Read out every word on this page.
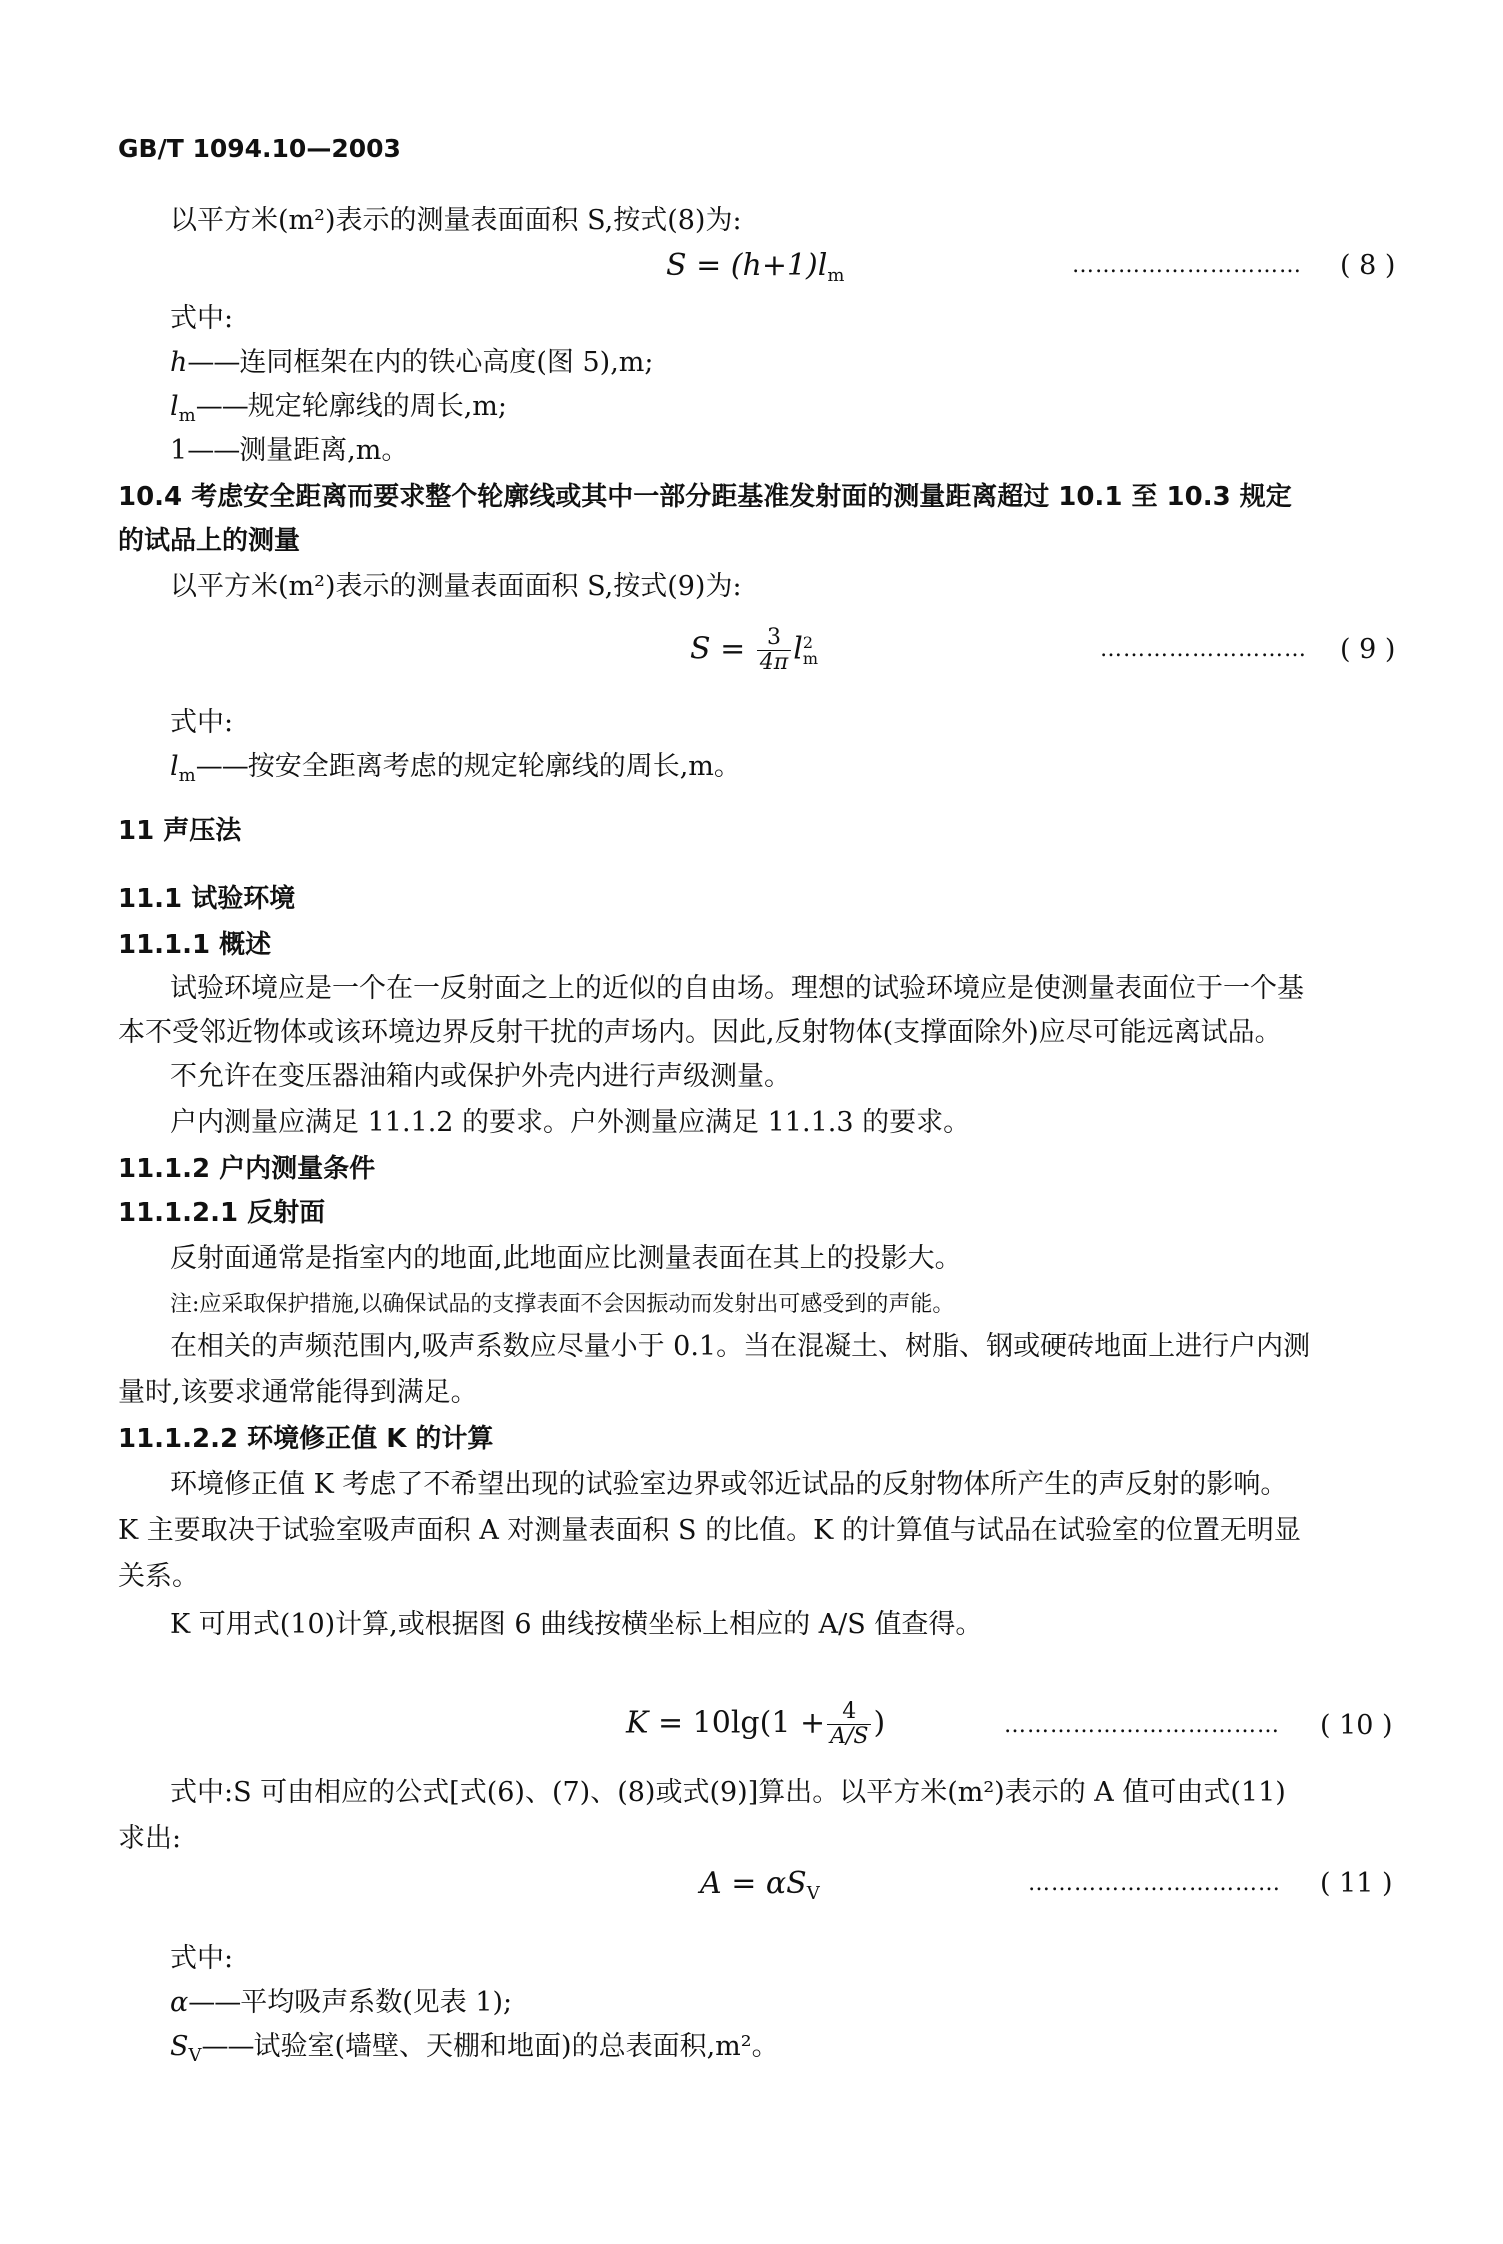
GB/T 1094.10—2003
以平方米(m²)表示的测量表面面积 S,按式(8)为:
$S = (h+1)l_m$	………………………… ( 8 )
式中:
h——连同框架在内的铁心高度(图 5),m;
$l_m——$规定轮廓线的周长,m;
1——测量距离,m。
10.4 考虑安全距离而要求整个轮廓线或其中一部分距基准发射面的测量距离超过 10.1 至 10.3 规定
的试品上的测量
以平方米(m²)表示的测量表面面积 S,按式(9)为:
$S = \frac{3}{4\pi}$ l 2
m	……………………… ( 9 )
式中:
$l_m——$按安全距离考虑的规定轮廓线的周长,m。
11 声压法
11.1 试验环境
11.1.1 概述
试验环境应是一个在一反射面之上的近似的自由场。理想的试验环境应是使测量表面位于一个基
本不受邻近物体或该环境边界反射干扰的声场内。因此,反射物体(支撑面除外)应尽可能远离试品。
不允许在变压器油箱内或保护外壳内进行声级测量。
户内测量应满足 11.1.2 的要求。户外测量应满足 11.1.3 的要求。
11.1.2 户内测量条件
11.1.2.1 反射面
反射面通常是指室内的地面,此地面应比测量表面在其上的投影大。
注:应采取保护措施,以确保试品的支撑表面不会因振动而发射出可感受到的声能。
在相关的声频范围内,吸声系数应尽量小于 0.1。当在混凝土、树脂、钢或硬砖地面上进行户内测
量时,该要求通常能得到满足。
11.1.2.2 环境修正值 K 的计算
环境修正值 K 考虑了不希望出现的试验室边界或邻近试品的反射物体所产生的声反射的影响。
K 主要取决于试验室吸声面积 A 对测量表面积 S 的比值。K 的计算值与试品在试验室的位置无明显
关系。
K 可用式(10)计算,或根据图 6 曲线按横坐标上相应的 A/S 值查得。
$K = 10\lg(1 + \frac{4}{A/S}$ )	……………………………… ( 10 )
式中:S 可由相应的公式[式(6)、(7)、(8)或式(9)]算出。以平方米(m²)表示的 A 值可由式(11)
求出:
$A = \alpha S_V$	…………………………… ( 11 )
式中:
α——平均吸声系数(见表 1);
$S_V——$试验室(墙壁、天棚和地面)的总表面积,m²。
